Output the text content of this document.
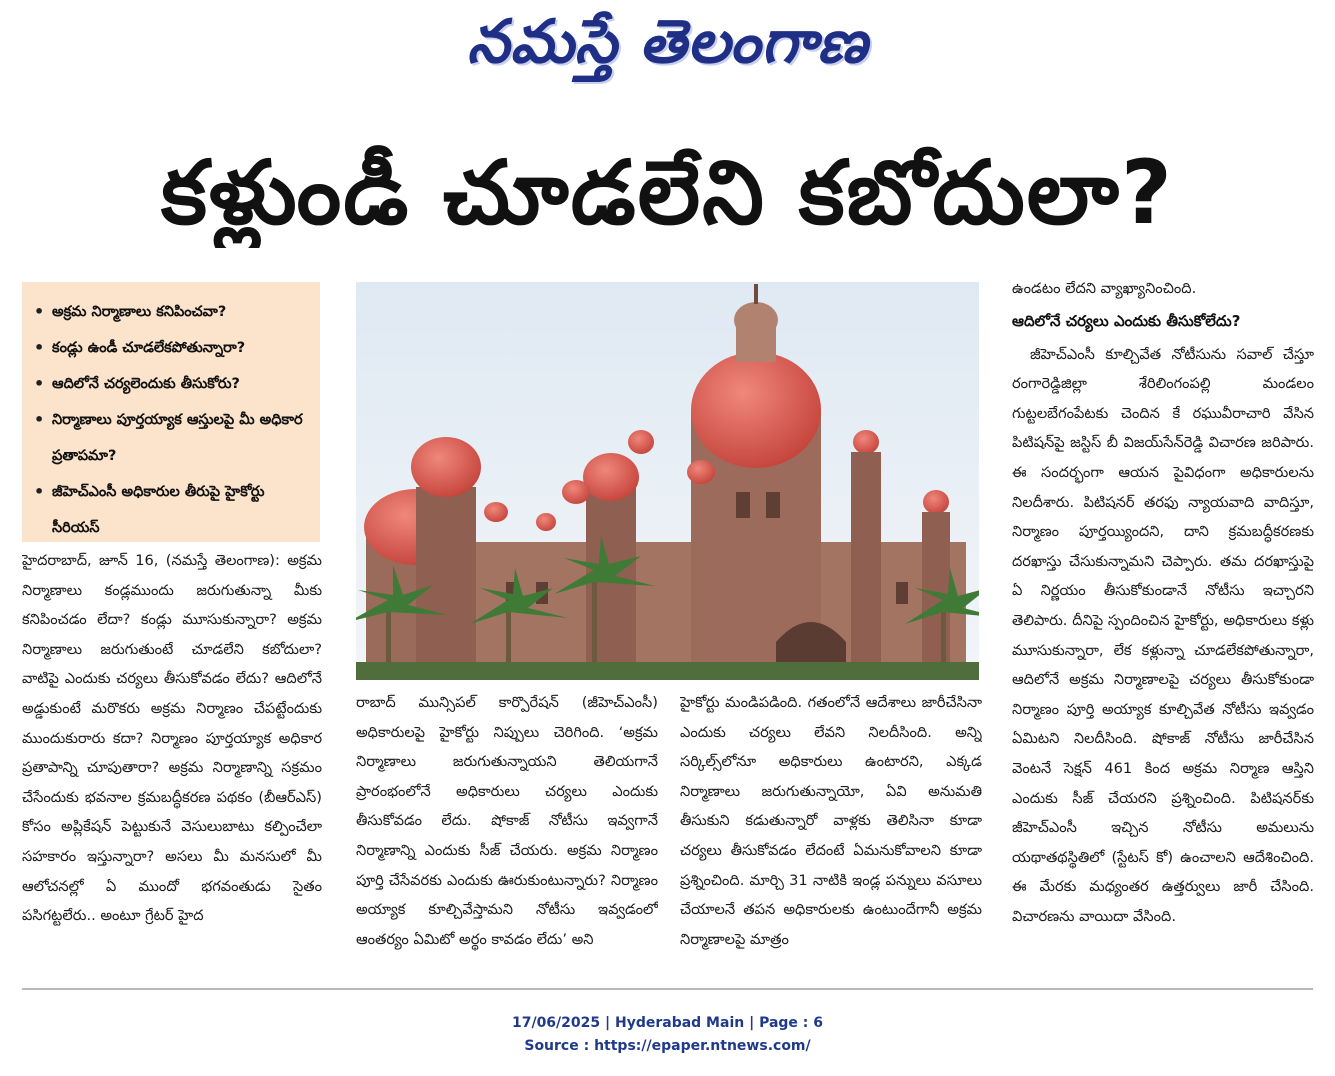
నమస్తే తెలంగాణ
కళ్లుండీ చూడలేని కబోదులా?
• అక్రమ నిర్మాణాలు కనిపించవా?
• కండ్లు ఉండీ చూడలేకపోతున్నారా?
• ఆదిలోనే చర్యలెందుకు తీసుకోరు?
• నిర్మాణాలు పూర్తయ్యాక ఆస్తులపై మీ అధికార ప్రతాపమా?
• జీహెచ్ఎంసీ అధికారుల తీరుపై హైకోర్టు సీరియస్

హైదరాబాద్, జూన్ 16, (నమస్తే తెలంగాణ): అక్రమ నిర్మాణాలు కండ్లముందు జరుగుతున్నా మీకు కనిపించడం లేదా? కండ్లు మూసుకున్నారా? అక్రమ నిర్మాణాలు జరుగుతుంటే చూడలేని కబోదులా? వాటిపై ఎందుకు చర్యలు తీసుకోవడం లేదు? ఆదిలోనే అడ్డుకుంటే మరొకరు అక్రమ నిర్మాణం చేపట్టేందుకు ముందుకురారు కదా? నిర్మాణం పూర్తయ్యాక అధికార ప్రతాపాన్ని చూపుతారా? అక్రమ నిర్మాణాన్ని సక్రమం చేసేందుకు భవనాల క్రమబద్ధీకరణ పథకం (బీఆర్ఎస్) కోసం అప్లికేషన్ పెట్టుకునే వెసులుబాటు కల్పించేలా సహకారం ఇస్తున్నారా? అసలు మీ మనసులో మీ ఆలోచనల్లో ఏ ముందో భగవంతుడు సైతం పసిగట్టలేరు.. అంటూ గ్రేటర్ హైద

రాబాద్ మున్సిపల్ కార్పొరేషన్ (జీహెచ్ఎంసీ) అధికారులపై హైకోర్టు నిప్పులు చెరిగింది. ‘అక్రమ నిర్మాణాలు జరుగుతున్నాయని తెలియగానే ప్రారంభంలోనే అధికారులు చర్యలు ఎందుకు తీసుకోవడం లేదు. షోకాజ్ నోటీసు ఇవ్వగానే నిర్మాణాన్ని ఎందుకు సీజ్ చేయరు. అక్రమ నిర్మాణం పూర్తి చేసేవరకు ఎందుకు ఊరుకుంటున్నారు? నిర్మాణం అయ్యాక కూల్చివేస్తామని నోటీసు ఇవ్వడంలో ఆంతర్యం ఏమిటో అర్థం కావడం లేదు’ అని

హైకోర్టు మండిపడింది. గతంలోనే ఆదేశాలు జారీచేసినా ఎందుకు చర్యలు లేవని నిలదీసింది. అన్ని సర్కిల్స్‌లోనూ అధికారులు ఉంటారని, ఎక్కడ నిర్మాణాలు జరుగుతున్నాయో, ఏవి అనుమతి తీసుకుని కడుతున్నారో వాళ్లకు తెలిసినా కూడా చర్యలు తీసుకోవడం లేదంటే ఏమనుకోవాలని కూడా ప్రశ్నించింది. మార్చి 31 నాటికి ఇండ్ల పన్నులు వసూలు చేయాలనే తపన అధికారులకు ఉంటుందేగానీ అక్రమ నిర్మాణాలపై మాత్రం

ఉండటం లేదని వ్యాఖ్యానించింది.

ఆదిలోనే చర్యలు ఎందుకు తీసుకోలేదు?

జీహెచ్ఎంసీ కూల్చివేత నోటీసును సవాల్ చేస్తూ రంగారెడ్డిజిల్లా శేరిలింగంపల్లి మండలం గుట్టలబేగంపేటకు చెందిన కే రఘువీరాచారి వేసిన పిటిషన్‌పై జస్టిస్ బీ విజయ్‌సేన్‌రెడ్డి విచారణ జరిపారు. ఈ సందర్భంగా ఆయన పైవిధంగా అధికారులను నిలదీశారు. పిటిషనర్ తరఫు న్యాయవాది వాదిస్తూ, నిర్మాణం పూర్తయ్యిందని, దాని క్రమబద్ధీకరణకు దరఖాస్తు చేసుకున్నామని చెప్పారు. తమ దరఖాస్తుపై ఏ నిర్ణయం తీసుకోకుండానే నోటీసు ఇచ్చారని తెలిపారు. దీనిపై స్పందించిన హైకోర్టు, అధికారులు కళ్లు మూసుకున్నారా, లేక కళ్లున్నా చూడలేకపోతున్నారా, ఆదిలోనే అక్రమ నిర్మాణాలపై చర్యలు తీసుకోకుండా నిర్మాణం పూర్తి అయ్యాక కూల్చివేత నోటీసు ఇవ్వడం ఏమిటని నిలదీసింది. షోకాజ్ నోటీసు జారీచేసిన వెంటనే సెక్షన్ 461 కింద అక్రమ నిర్మాణ ఆస్తిని ఎందుకు సీజ్ చేయరని ప్రశ్నించింది. పిటిషనర్‌కు జీహెచ్ఎంసీ ఇచ్చిన నోటీసు అమలును యథాతథస్థితిలో (స్టేటస్ కో) ఉంచాలని ఆదేశించింది. ఈ మేరకు మధ్యంతర ఉత్తర్వులు జారీ చేసింది. విచారణను వాయిదా వేసింది.

17/06/2025 | Hyderabad Main | Page : 6
Source : https://epaper.ntnews.com/
